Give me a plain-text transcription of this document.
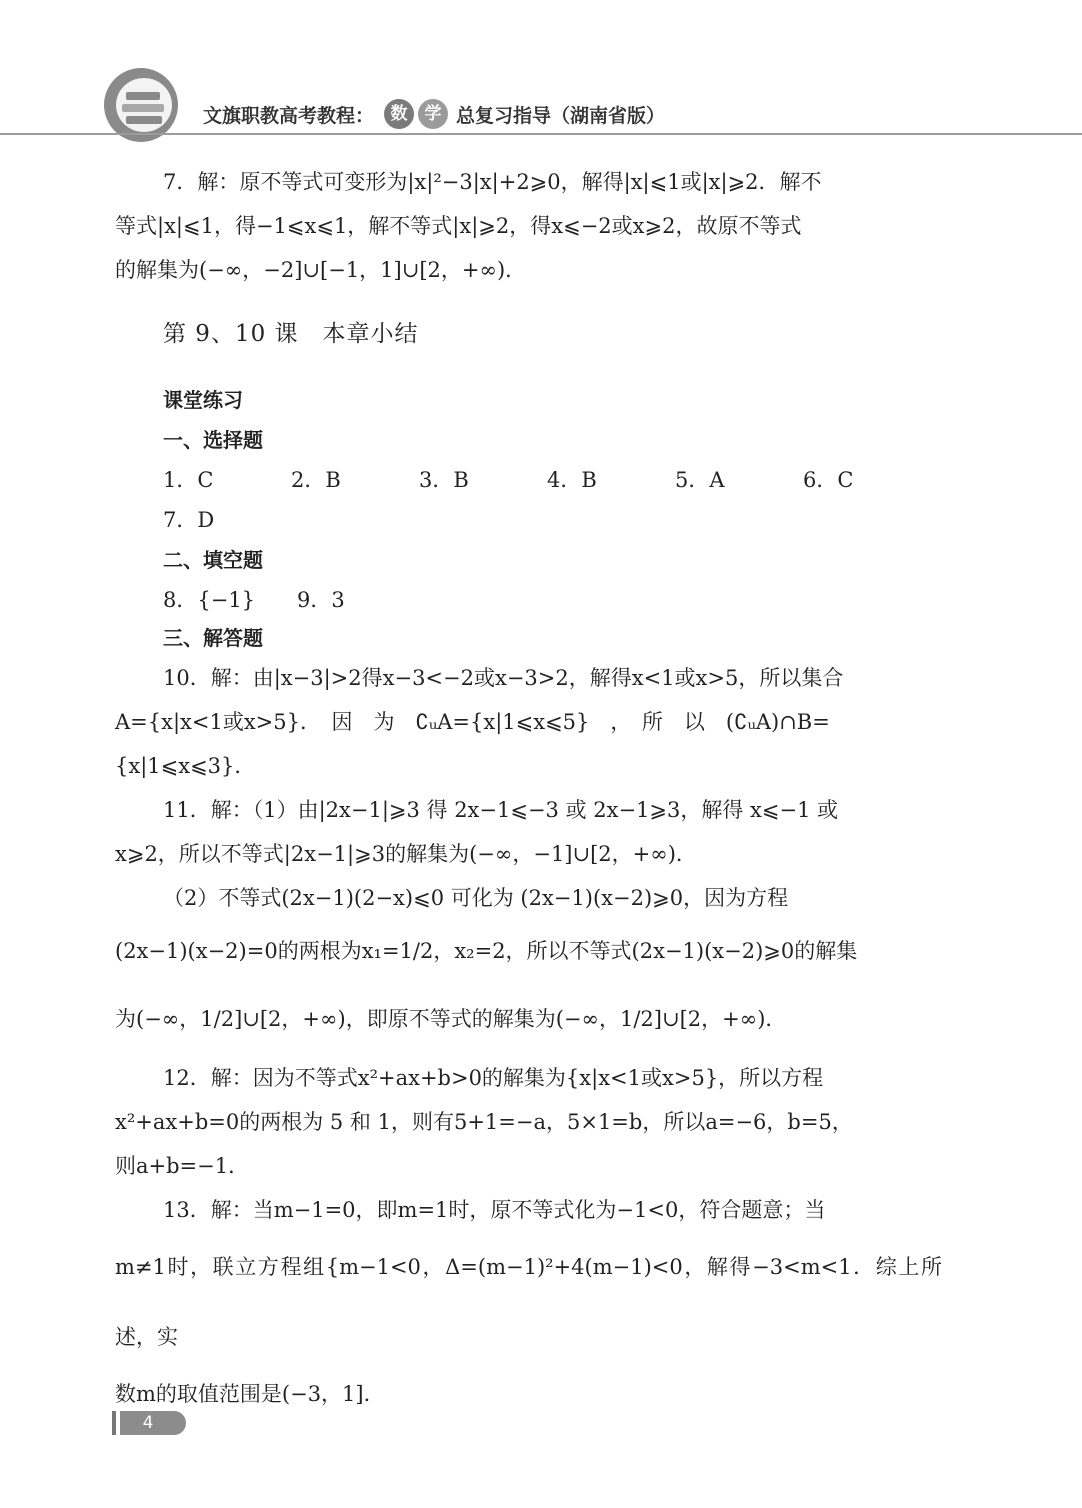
文旗职教高考教程： 数	学 总复习指导（湖南省版）

7．解：原不等式可变形为|x|²−3|x|+2⩾0，解得|x|⩽1或|x|⩾2．解不

等式|x|⩽1，得−1⩽x⩽1，解不等式|x|⩾2，得x⩽−2或x⩾2，故原不等式

的解集为(−∞，−2]∪[−1，1]∪[2，+∞)．

第 9、10 课　本章小结

课堂练习

一、选择题

1．C	2．B	3．B	4．B	5．A	6．C
7．D

二、填空题

8．{−1}　　9．3

三、解答题

10．解：由|x−3|>2得x−3<−2或x−3>2，解得x<1或x>5，所以集合

A={x|x<1或x>5}．　因　为　∁ᵤA={x|1⩽x⩽5}　，　所　以　(∁ᵤA)∩B=

{x|1⩽x⩽3}．

11．解：（1）由|2x−1|⩾3 得 2x−1⩽−3 或 2x−1⩾3，解得 x⩽−1 或

x⩾2，所以不等式|2x−1|⩾3的解集为(−∞，−1]∪[2，+∞)．

（2）不等式(2x−1)(2−x)⩽0 可化为 (2x−1)(x−2)⩾0，因为方程

(2x−1)(x−2)=0的两根为x₁=1/2，x₂=2，所以不等式(2x−1)(x−2)⩾0的解集

为(−∞，1/2]∪[2，+∞)，即原不等式的解集为(−∞，1/2]∪[2，+∞)．

12．解：因为不等式x²+ax+b>0的解集为{x|x<1或x>5}，所以方程

x²+ax+b=0的两根为 5 和 1，则有5+1=−a，5×1=b，所以a=−6，b=5，

则a+b=−1．

13．解：当m−1=0，即m=1时，原不等式化为−1<0，符合题意；当

m≠1时，联立方程组{m−1<0，Δ=(m−1)²+4(m−1)<0，解得−3<m<1．综上所述，实

数m的取值范围是(−3，1]．

4
